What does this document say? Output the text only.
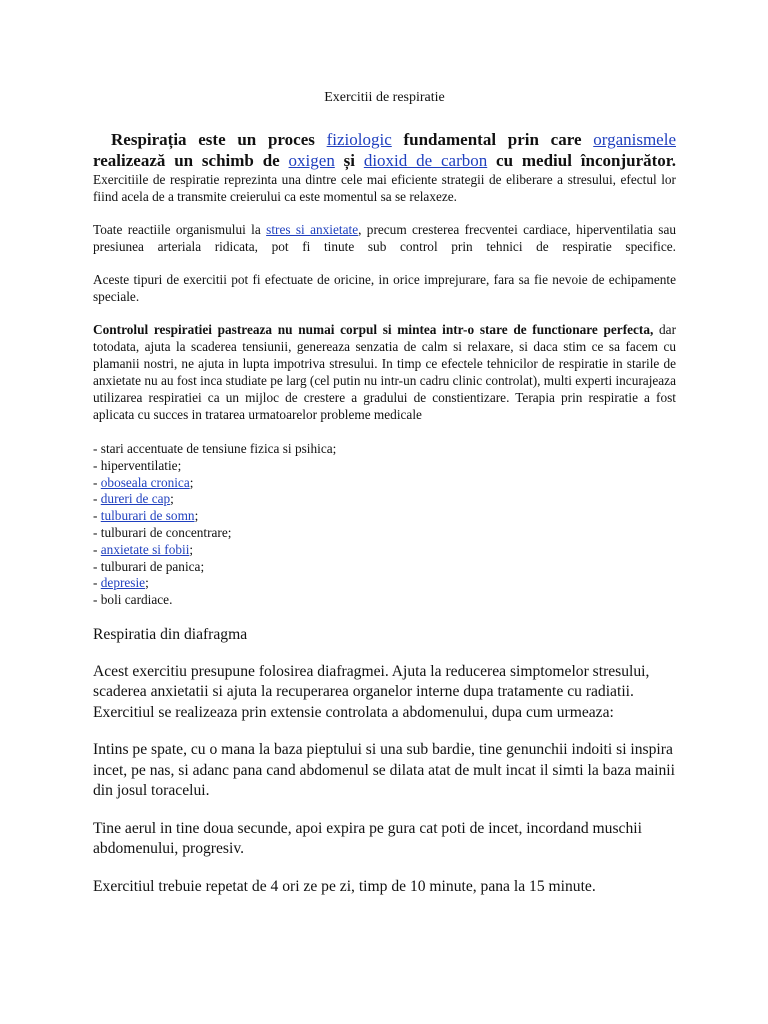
Exercitii de respiratie

Respirația este un proces fiziologic fundamental prin care organismele
realizează un schimb de oxigen și dioxid de carbon cu mediul înconjurător.

Exercitiile de respiratie reprezinta una dintre cele mai eficiente strategii de eliberare a stresului, efectul lor fiind acela de a transmite creierului ca este momentul sa se relaxeze.

Toate reactiile organismului la stres si anxietate, precum cresterea frecventei cardiace, hiperventilatia sau presiunea arteriala ridicata, pot fi tinute sub control prin tehnici de respiratie specifice.

Aceste tipuri de exercitii pot fi efectuate de oricine, in orice imprejurare, fara sa fie nevoie de echipamente speciale.

Controlul respiratiei pastreaza nu numai corpul si mintea intr-o stare de functionare perfecta, dar totodata, ajuta la scaderea tensiunii, genereaza senzatia de calm si relaxare, si daca stim ce sa facem cu plamanii nostri, ne ajuta in lupta impotriva stresului. In timp ce efectele tehnicilor de respiratie in starile de anxietate nu au fost inca studiate pe larg (cel putin nu intr-un cadru clinic controlat), multi experti incurajeaza utilizarea respiratiei ca un mijloc de crestere a gradului de constientizare. Terapia prin respiratie a fost aplicata cu succes in tratarea urmatoarelor probleme medicale

- stari accentuate de tensiune fizica si psihica;
- hiperventilatie;
- oboseala cronica;
- dureri de cap;
- tulburari de somn;
- tulburari de concentrare;
- anxietate si fobii;
- tulburari de panica;
- depresie;
- boli cardiace.

Respiratia din diafragma

Acest exercitiu presupune folosirea diafragmei. Ajuta la reducerea simptomelor stresului, scaderea anxietatii si ajuta la recuperarea organelor interne dupa tratamente cu radiatii. Exercitiul se realizeaza prin extensie controlata a abdomenului, dupa cum urmeaza:

Intins pe spate, cu o mana la baza pieptului si una sub bardie, tine genunchii indoiti si inspira incet, pe nas, si adanc pana cand abdomenul se dilata atat de mult incat il simti la baza mainii din josul toracelui.

Tine aerul in tine doua secunde, apoi expira pe gura cat poti de incet, incordand muschii abdomenului, progresiv.

Exercitiul trebuie repetat de 4 ori ze pe zi, timp de 10 minute, pana la 15 minute.
